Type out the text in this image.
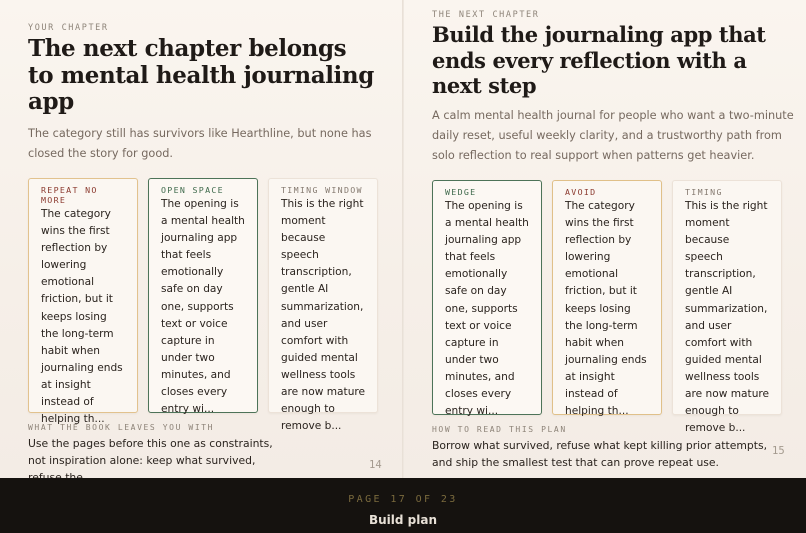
YOUR CHAPTER
The next chapter belongs to mental health journaling app

The category still has survivors like Hearthline, but none has closed the story for good.

REPEAT NO MORE
The category wins the first reflection by lowering emotional friction, but it keeps losing the long-term habit when journaling ends at insight instead of helping th...
OPEN SPACE
The opening is a mental health journaling app that feels emotionally safe on day one, supports text or voice capture in under two minutes, and closes every entry wi...
TIMING WINDOW
This is the right moment because speech transcription, gentle AI summarization, and user comfort with guided mental wellness tools are now mature enough to remove b...
WHAT THE BOOK LEAVES YOU WITH

Use the pages before this one as constraints, not inspiration alone: keep what survived,	14
THE NEXT CHAPTER
Build the journaling app that ends every reflection with a next step

A calm mental health journal for people who want a two-minute daily reset, useful weekly clarity, and a trustworthy path from solo reflection to real support when patterns get heavier.

WEDGE
The opening is a mental health journaling app that feels emotionally safe on day one, supports text or voice capture in under two minutes, and closes every entry wi...
AVOID
The category wins the first reflection by lowering emotional friction, but it keeps losing the long-term habit when journaling ends at insight instead of helping th...
TIMING
This is the right moment because speech transcription, gentle AI summarization, and user comfort with guided mental wellness tools are now mature enough to remove b...
HOW TO READ THIS PLAN

Borrow what survived, refuse what kept killing prior attempts, and ship the smallest test that can prove repeat use.

15
PAGE 17 OF 23
Build plan
